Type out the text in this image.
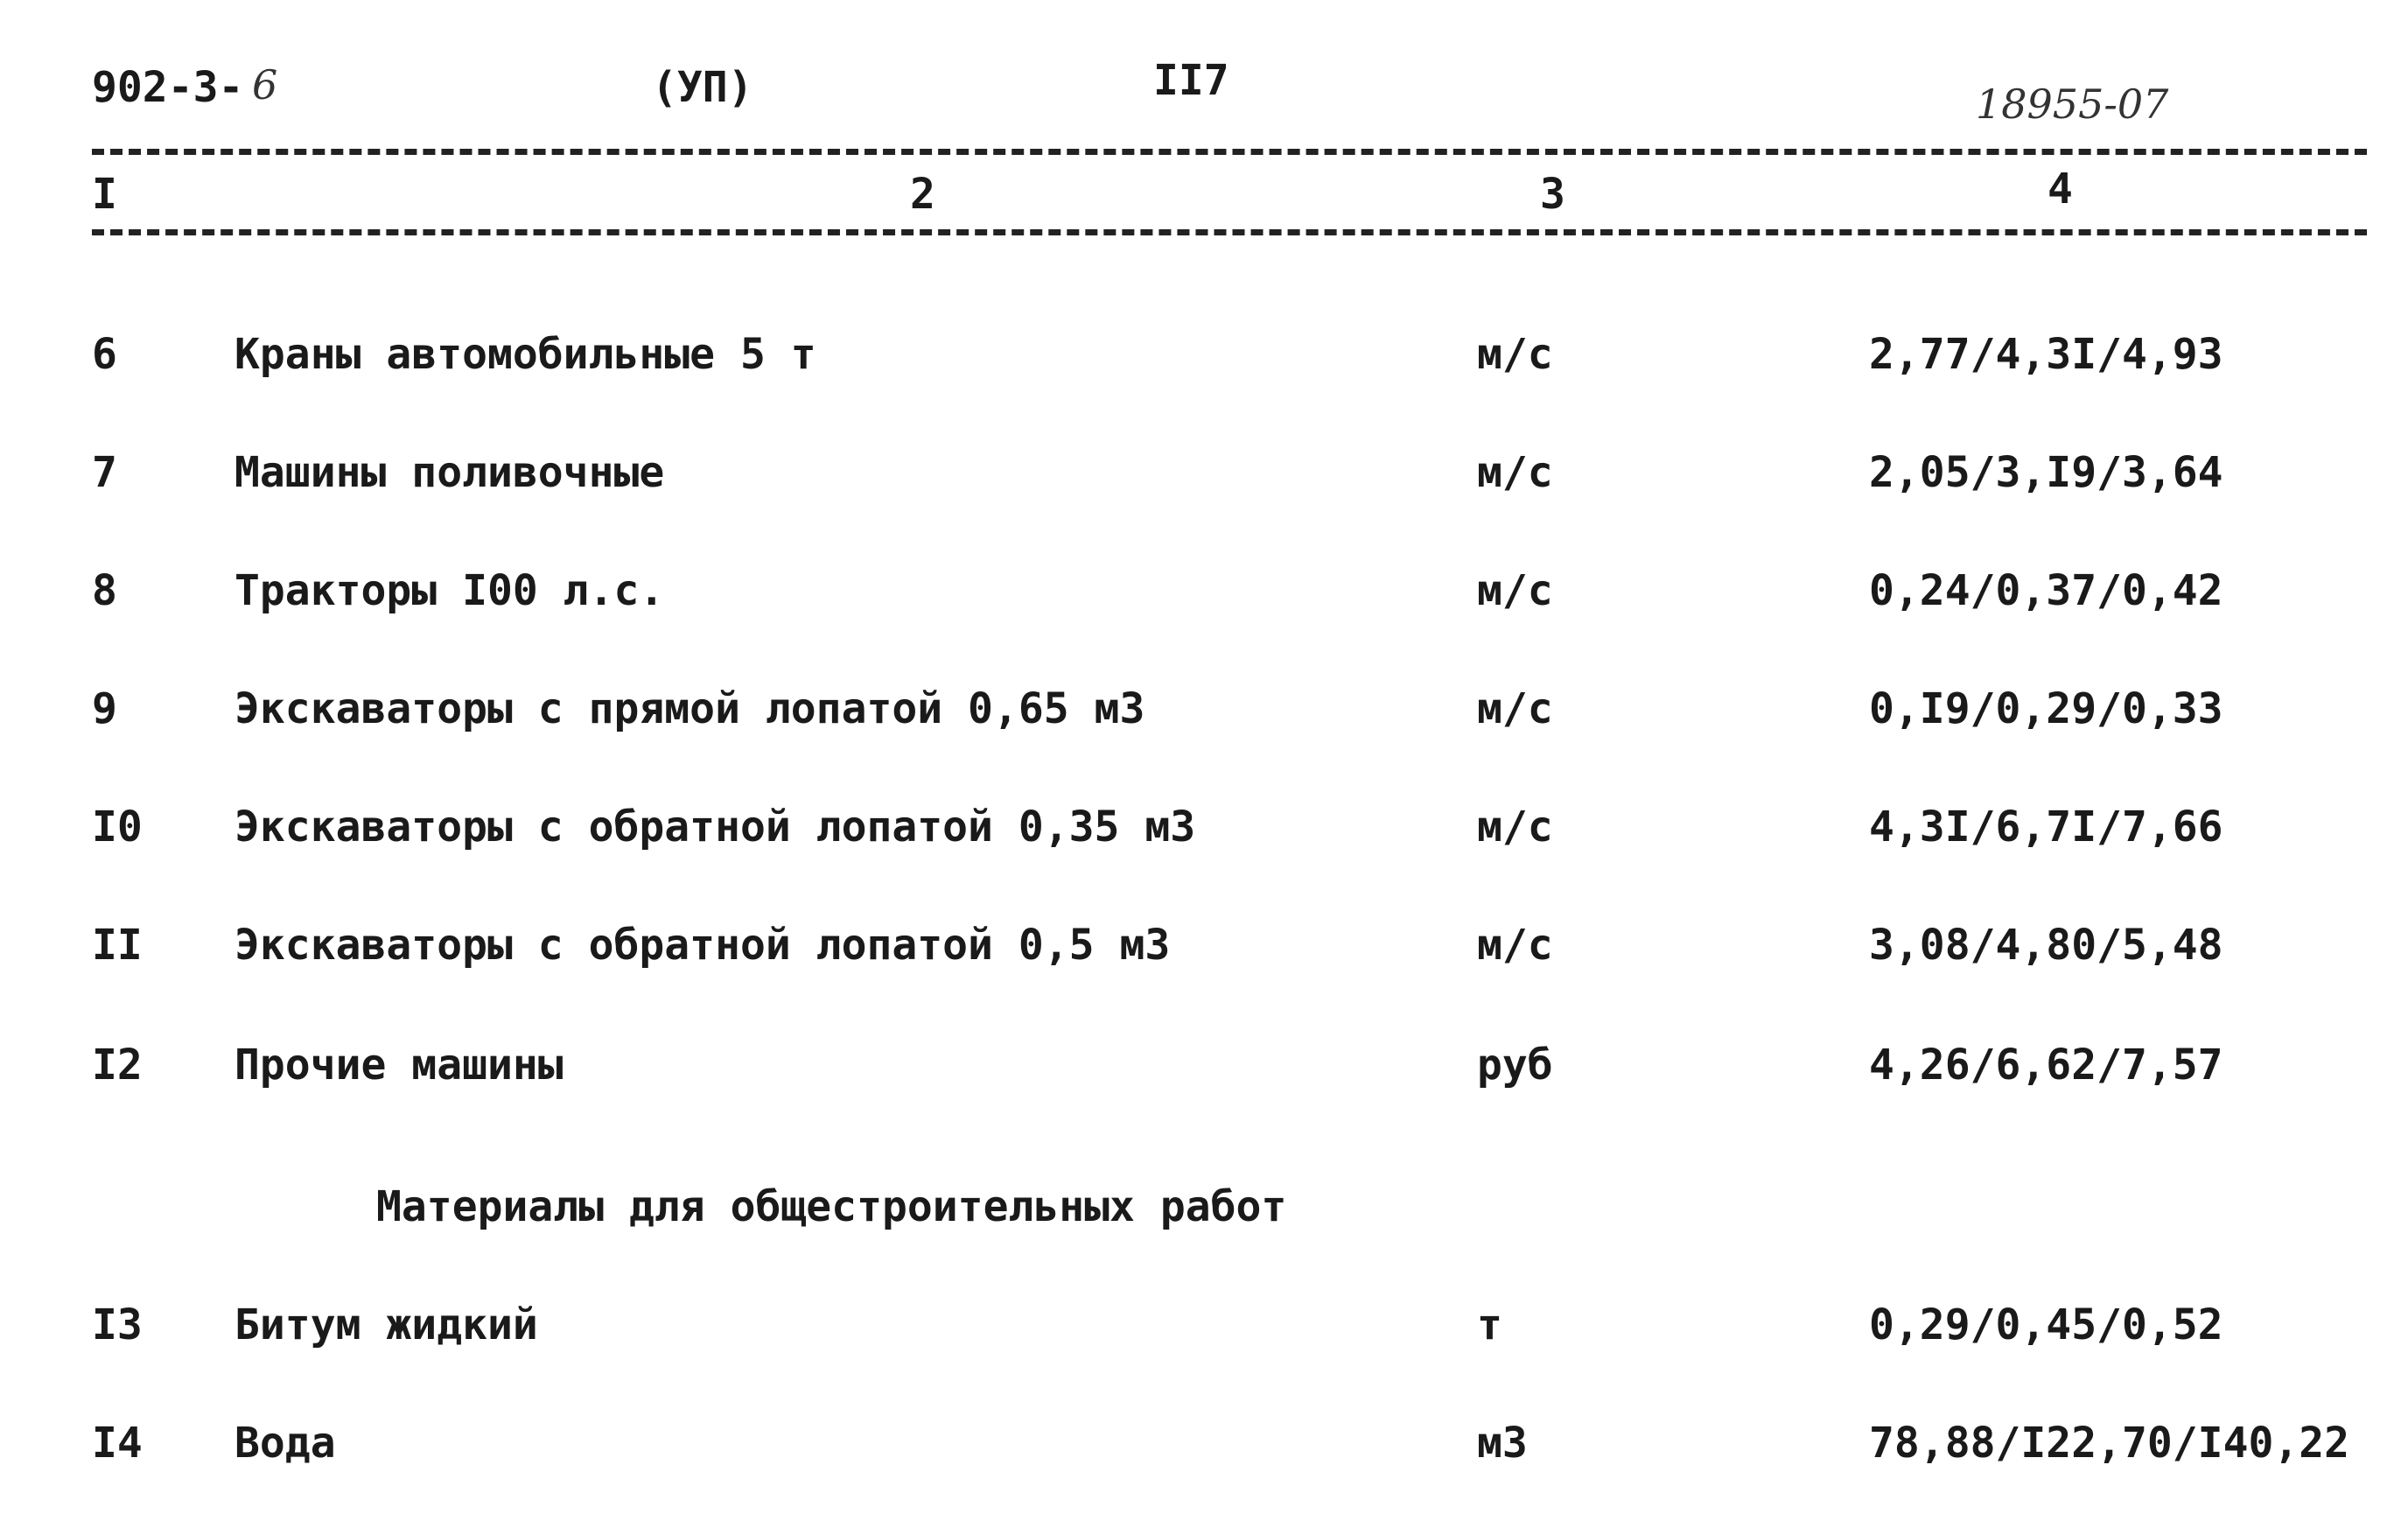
902-3- 6	(УП)	II7	18955-07
I	2	3	4
6	Краны автомобильные 5 т	м/с	2,77/4,3I/4,93
7	Машины поливочные	м/с	2,05/3,I9/3,64
8	Тракторы I00 л.с.	м/с	0,24/0,37/0,42
9	Экскаваторы с прямой лопатой 0,65 м3	м/с	0,I9/0,29/0,33
I0 Экскаваторы с обратной лопатой 0,35 м3	м/с	4,3I/6,7I/7,66
II Экскаваторы с обратной лопатой 0,5 м3	м/с	3,08/4,80/5,48
I2 Прочие машины	руб	4,26/6,62/7,57
Материалы для общестроительных работ
I3 Битум жидкий	т	0,29/0,45/0,52
I4 Вода	м3	78,88/I22,70/I40,22
